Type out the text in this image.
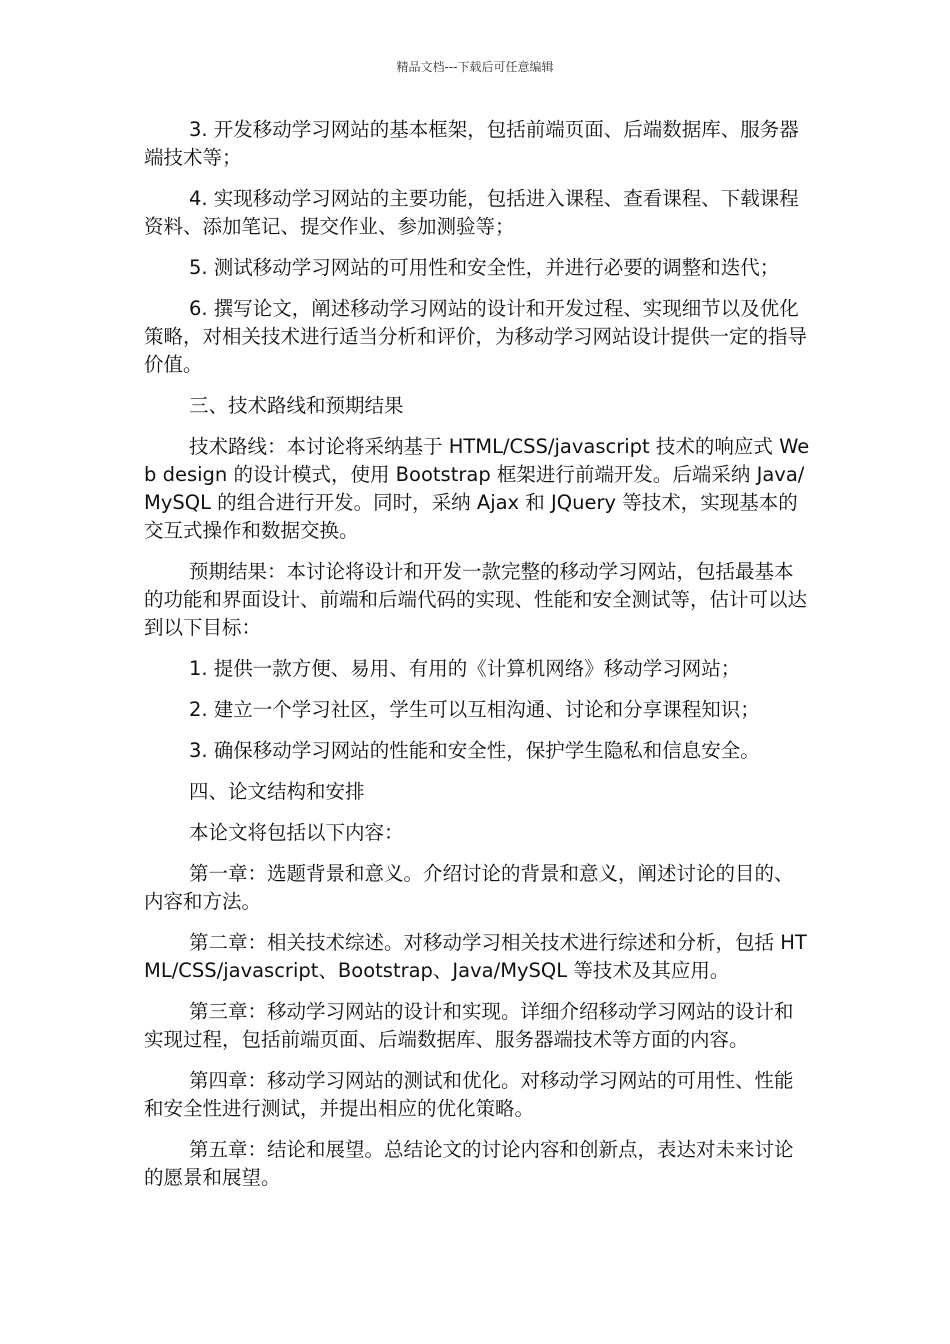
精品文档---下载后可任意编辑

3. 开发移动学习网站的基本框架，包括前端页面、后端数据库、服务器端技术等；

4. 实现移动学习网站的主要功能，包括进入课程、查看课程、下载课程资料、添加笔记、提交作业、参加测验等；

5. 测试移动学习网站的可用性和安全性，并进行必要的调整和迭代；

6. 撰写论文，阐述移动学习网站的设计和开发过程、实现细节以及优化策略，对相关技术进行适当分析和评价，为移动学习网站设计提供一定的指导价值。

三、技术路线和预期结果

技术路线：本讨论将采纳基于 HTML/CSS/javascript 技术的响应式 Web design 的设计模式，使用 Bootstrap 框架进行前端开发。后端采纳 Java/MySQL 的组合进行开发。同时，采纳 Ajax 和 JQuery 等技术，实现基本的交互式操作和数据交换。

预期结果：本讨论将设计和开发一款完整的移动学习网站，包括最基本的功能和界面设计、前端和后端代码的实现、性能和安全测试等，估计可以达到以下目标：

1. 提供一款方便、易用、有用的《计算机网络》移动学习网站；

2. 建立一个学习社区，学生可以互相沟通、讨论和分享课程知识；

3. 确保移动学习网站的性能和安全性，保护学生隐私和信息安全。

四、论文结构和安排

本论文将包括以下内容：

第一章：选题背景和意义。介绍讨论的背景和意义，阐述讨论的目的、内容和方法。

第二章：相关技术综述。对移动学习相关技术进行综述和分析，包括 HTML/CSS/javascript、Bootstrap、Java/MySQL 等技术及其应用。

第三章：移动学习网站的设计和实现。详细介绍移动学习网站的设计和实现过程，包括前端页面、后端数据库、服务器端技术等方面的内容。

第四章：移动学习网站的测试和优化。对移动学习网站的可用性、性能和安全性进行测试，并提出相应的优化策略。

第五章：结论和展望。总结论文的讨论内容和创新点，表达对未来讨论的愿景和展望。
